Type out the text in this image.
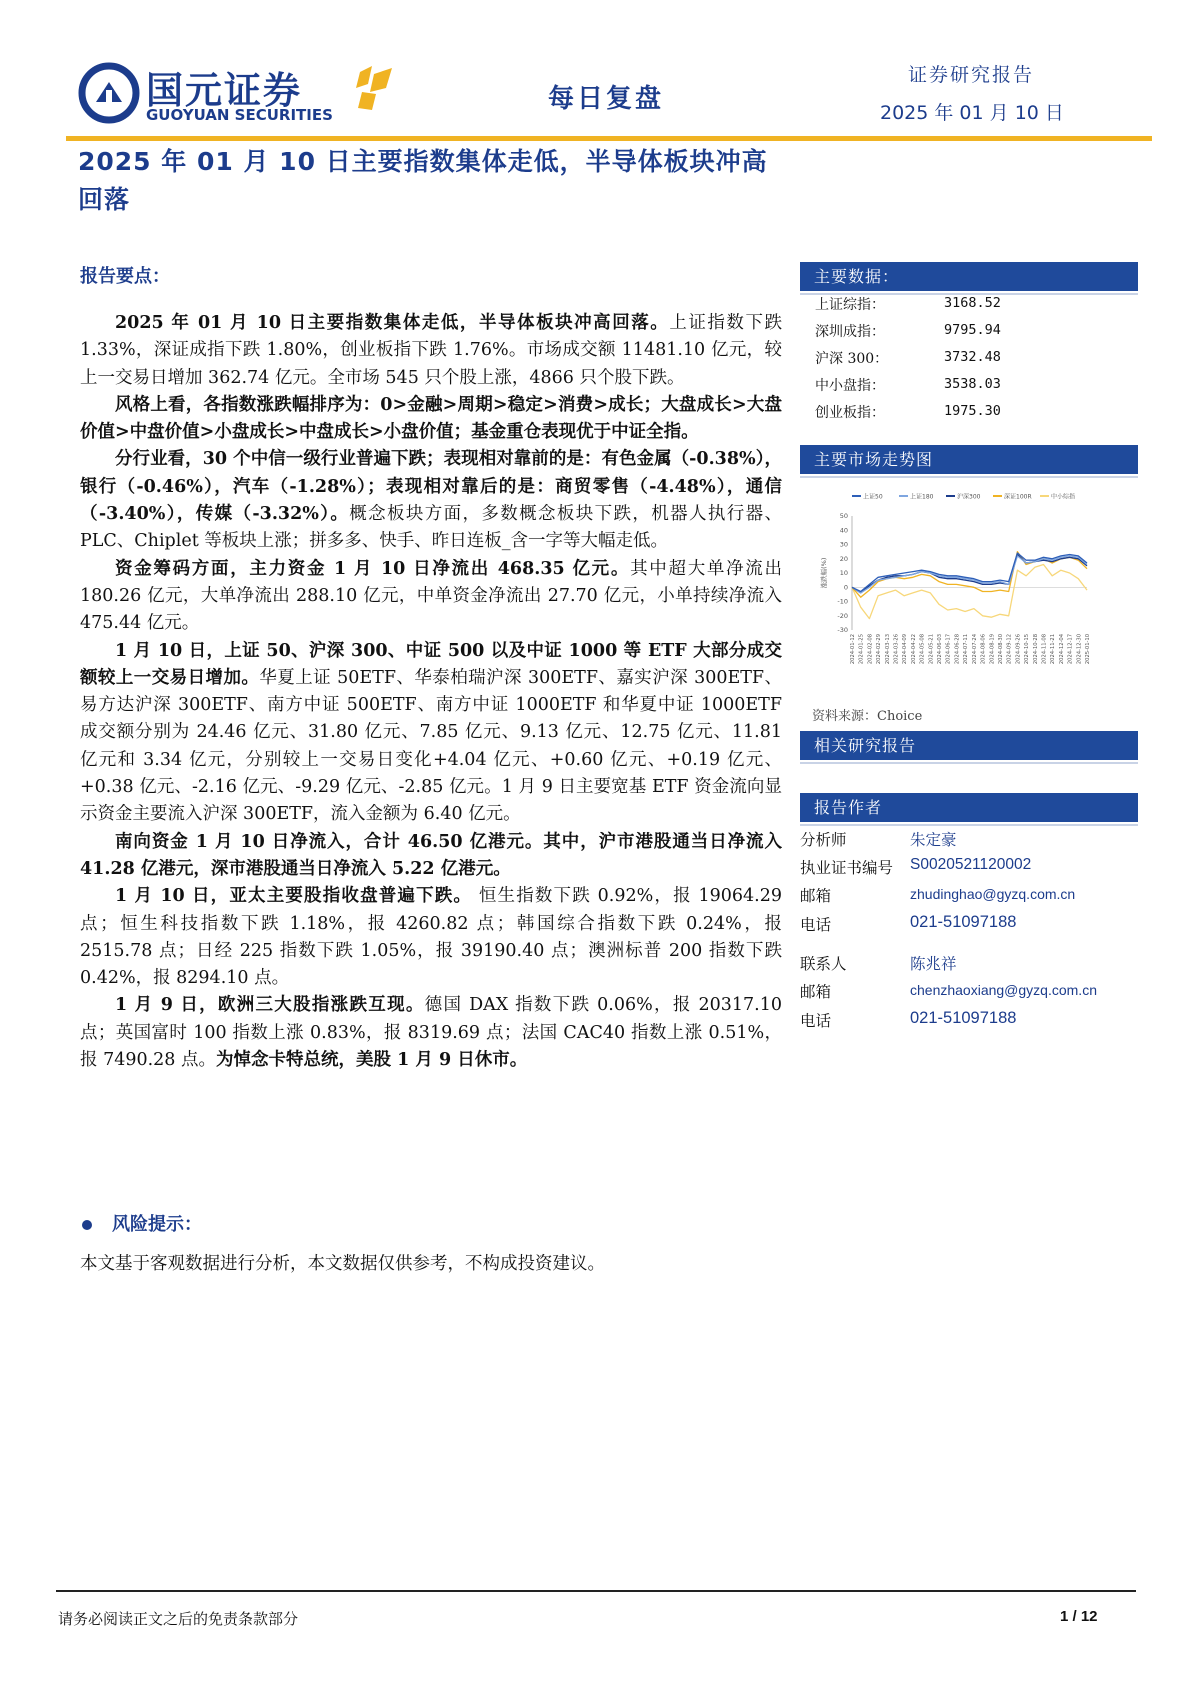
国元证券
GUOYUAN SECURITIES
每日复盘
证券研究报告
2025 年 01 月 10 日
2025 年 01 月 10 日主要指数集体走低，半导体板块冲高回落
报告要点：

2025 年 01 月 10 日主要指数集体走低，半导体板块冲高回落。上证指数下跌 1.33%，深证成指下跌 1.80%，创业板指下跌 1.76%。市场成交额 11481.10 亿元，较上一交易日增加 362.74 亿元。全市场 545 只个股上涨，4866 只个股下跌。

风格上看，各指数涨跌幅排序为：0>金融>周期>稳定>消费>成长；大盘成长>大盘价值>中盘价值>小盘成长>中盘成长>小盘价值；基金重仓表现优于中证全指。

分行业看，30 个中信一级行业普遍下跌；表现相对靠前的是：有色金属（-0.38%），银行（-0.46%），汽车（-1.28%）；表现相对靠后的是：商贸零售（-4.48%），通信（-3.40%），传媒（-3.32%）。概念板块方面，多数概念板块下跌，机器人执行器、PLC、Chiplet 等板块上涨；拼多多、快手、昨日连板_含一字等大幅走低。

资金筹码方面，主力资金 1 月 10 日净流出 468.35 亿元。其中超大单净流出 180.26 亿元，大单净流出 288.10 亿元，中单资金净流出 27.70 亿元，小单持续净流入 475.44 亿元。

1 月 10 日，上证 50、沪深 300、中证 500 以及中证 1000 等 ETF 大部分成交额较上一交易日增加。华夏上证 50ETF、华泰柏瑞沪深 300ETF、嘉实沪深 300ETF、易方达沪深 300ETF、南方中证 500ETF、南方中证 1000ETF 和华夏中证 1000ETF 成交额分别为 24.46 亿元、31.80 亿元、7.85 亿元、9.13 亿元、12.75 亿元、11.81 亿元和 3.34 亿元，分别较上一交易日变化+4.04 亿元、+0.60 亿元、+0.19 亿元、+0.38 亿元、-2.16 亿元、-9.29 亿元、-2.85 亿元。1 月 9 日主要宽基 ETF 资金流向显示资金主要流入沪深 300ETF，流入金额为 6.40 亿元。

南向资金 1 月 10 日净流入，合计 46.50 亿港元。其中，沪市港股通当日净流入 41.28 亿港元，深市港股通当日净流入 5.22 亿港元。

1 月 10 日，亚太主要股指收盘普遍下跌。 恒生指数下跌 0.92%，报 19064.29 点；恒生科技指数下跌 1.18%，报 4260.82 点；韩国综合指数下跌 0.24%，报 2515.78 点；日经 225 指数下跌 1.05%，报 39190.40 点；澳洲标普 200 指数下跌 0.42%，报 8294.10 点。

1 月 9 日，欧洲三大股指涨跌互现。德国 DAX 指数下跌 0.06%，报 20317.10 点；英国富时 100 指数上涨 0.83%，报 8319.69 点；法国 CAC40 指数上涨 0.51%，报 7490.28 点。为悼念卡特总统，美股 1 月 9 日休市。

风险提示：
本文基于客观数据进行分析，本文数据仅供参考，不构成投资建议。
主要数据：
上证综指：	3168.52
深圳成指：	9795.94
沪深 300：	3732.48
中小盘指：	3538.03
创业板指：	1975.30
主要市场走势图
上证50	上证180	沪深300	深证100R	中小综指
50
40
30
20
10
0
-10
-20
-30
涨跌幅(%)
2024-01-12 2024-01-25 2024-02-08 2024-02-29 2024-03-13 2024-03-26 2024-04-09 2024-04-22 2024-05-08 2024-05-21 2024-06-03 2024-06-17 2024-06-28 2024-07-11 2024-07-24 2024-08-06 2024-08-19 2024-08-30 2024-09-12 2024-09-26 2024-10-15 2024-10-28 2024-11-08 2024-11-21 2024-12-04 2024-12-17 2024-12-30 2025-01-10
资料来源：Choice
相关研究报告
报告作者
分析师	朱定豪
执业证书编号 S0020521120002
邮箱	zhudinghao@gyzq.com.cn
电话	021-51097188
联系人	陈兆祥
邮箱	chenzhaoxiang@gyzq.com.cn
电话	021-51097188
请务必阅读正文之后的免责条款部分	1 / 12
